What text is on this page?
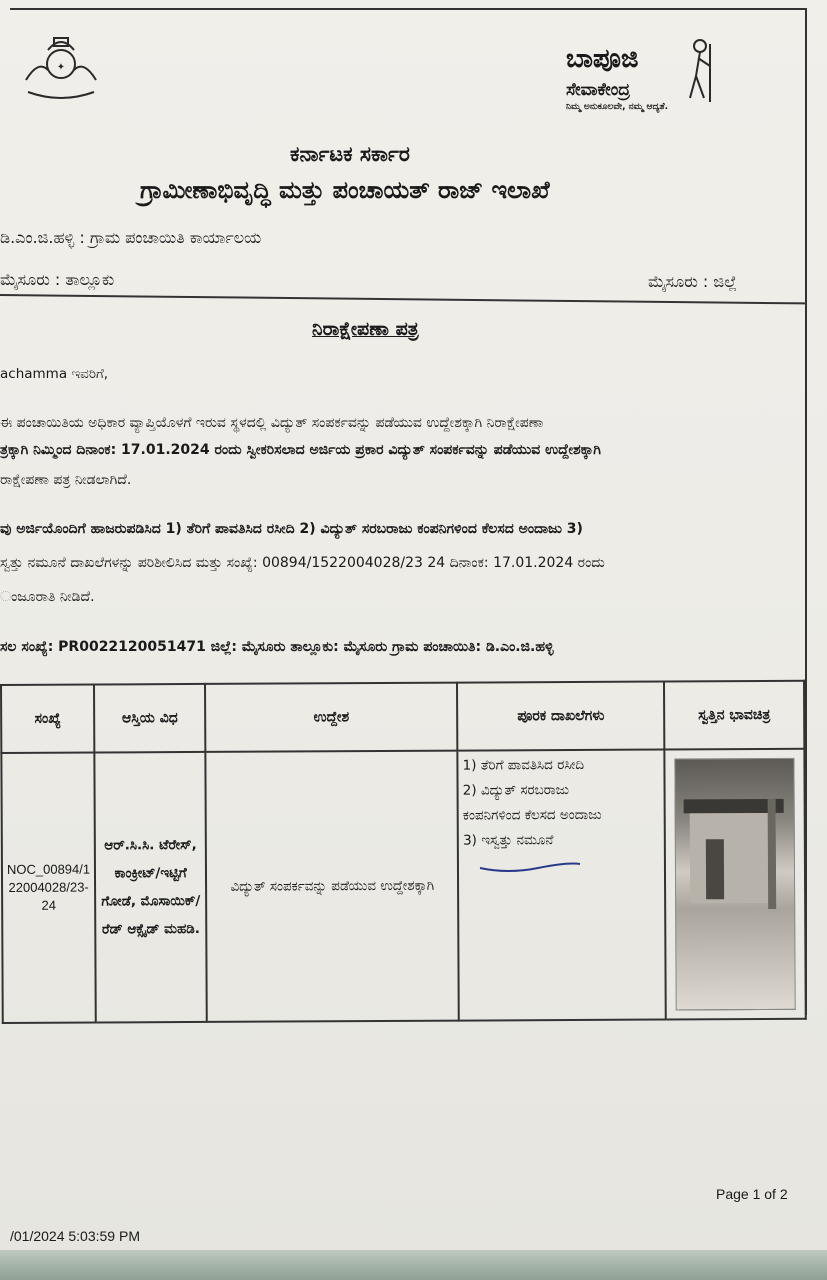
✦	ಬಾಪೂಜಿ
ಸೇವಾಕೇಂದ್ರ
ನಿಮ್ಮ ಅನುಕೂಲವೇ, ನಮ್ಮ ಆದ್ಯತೆ.
ಕರ್ನಾಟಕ ಸರ್ಕಾರ
ಗ್ರಾಮೀಣಾಭಿವೃದ್ಧಿ ಮತ್ತು ಪಂಚಾಯತ್ ರಾಜ್ ಇಲಾಖೆ
ಡಿ.ಎಂ.ಜಿ.ಹಳ್ಳಿ : ಗ್ರಾಮ ಪಂಚಾಯಿತಿ ಕಾರ್ಯಾಲಯ
ಮೈಸೂರು : ತಾಲ್ಲೂಕು	ಮೈಸೂರು : ಜಿಲ್ಲೆ
ನಿರಾಕ್ಷೇಪಣಾ ಪತ್ರ
achamma ಇವರಿಗೆ,
ಈ ಪಂಚಾಯಿತಿಯ ಅಧಿಕಾರ ವ್ಯಾಪ್ತಿಯೊಳಗೆ ಇರುವ ಸ್ಥಳದಲ್ಲಿ ವಿದ್ಯುತ್ ಸಂಪರ್ಕವನ್ನು ಪಡೆಯುವ ಉದ್ದೇಶಕ್ಕಾಗಿ ನಿರಾಕ್ಷೇಪಣಾ
ತ್ರಕ್ಕಾಗಿ ನಿಮ್ಮಿಂದ ದಿನಾಂಕ: 17.01.2024 ರಂದು ಸ್ವೀಕರಿಸಲಾದ ಅರ್ಜಿಯ ಪ್ರಕಾರ ವಿದ್ಯುತ್ ಸಂಪರ್ಕವನ್ನು ಪಡೆಯುವ ಉದ್ದೇಶಕ್ಕಾಗಿ
ರಾಕ್ಷೇಪಣಾ ಪತ್ರ ನೀಡಲಾಗಿದೆ.
ವು ಅರ್ಜಿಯೊಂದಿಗೆ ಹಾಜರುಪಡಿಸಿದ 1) ತೆರಿಗೆ ಪಾವತಿಸಿದ ರಸೀದಿ 2) ವಿದ್ಯುತ್ ಸರಬರಾಜು ಕಂಪನಿಗಳಿಂದ ಕೆಲಸದ ಅಂದಾಜು 3)
ಸ್ವತ್ತು ನಮೂನೆ ದಾಖಲೆಗಳನ್ನು ಪರಿಶೀಲಿಸಿದ ಮತ್ತು ಸಂಖ್ಯೆ: 00894/1522004028/23 24 ದಿನಾಂಕ: 17.01.2024 ರಂದು
ಂಜೂರಾತಿ ನೀಡಿದೆ.
ಸಲ ಸಂಖ್ಯೆ: PR0022120051471 ಜಿಲ್ಲೆ: ಮೈಸೂರು ತಾಲ್ಲೂಕು: ಮೈಸೂರು ಗ್ರಾಮ ಪಂಚಾಯಿತಿ: ಡಿ.ಎಂ.ಜಿ.ಹಳ್ಳಿ
ಸಂಖ್ಯೆ	ಆಸ್ತಿಯ ವಿಧ	ಉದ್ದೇಶ	ಪೂರಕ ದಾಖಲೆಗಳು	ಸ್ವತ್ತಿನ ಭಾವಚಿತ್ರ
NOC_00894/1 22004028/23- 24	ಆರ್.ಸಿ.ಸಿ. ಟೆರೇಸ್, ಕಾಂಕ್ರೀಟ್/ಇಟ್ಟಿಗೆ ಗೋಡೆ, ಮೊಸಾಯಿಕ್/ರೆಡ್ ಆಕ್ಸೈಡ್ ಮಹಡಿ.	ವಿದ್ಯುತ್ ಸಂಪರ್ಕವನ್ನು ಪಡೆಯುವ ಉದ್ದೇಶಕ್ಕಾಗಿ	1) ತೆರಿಗೆ ಪಾವತಿಸಿದ ರಸೀದಿ
2) ವಿದ್ಯುತ್ ಸರಬರಾಜು
ಕಂಪನಿಗಳಿಂದ ಕೆಲಸದ ಅಂದಾಜು
3) ಇಸ್ವತ್ತು ನಮೂನೆ	

Page 1 of 2
/01/2024 5:03:59 PM
